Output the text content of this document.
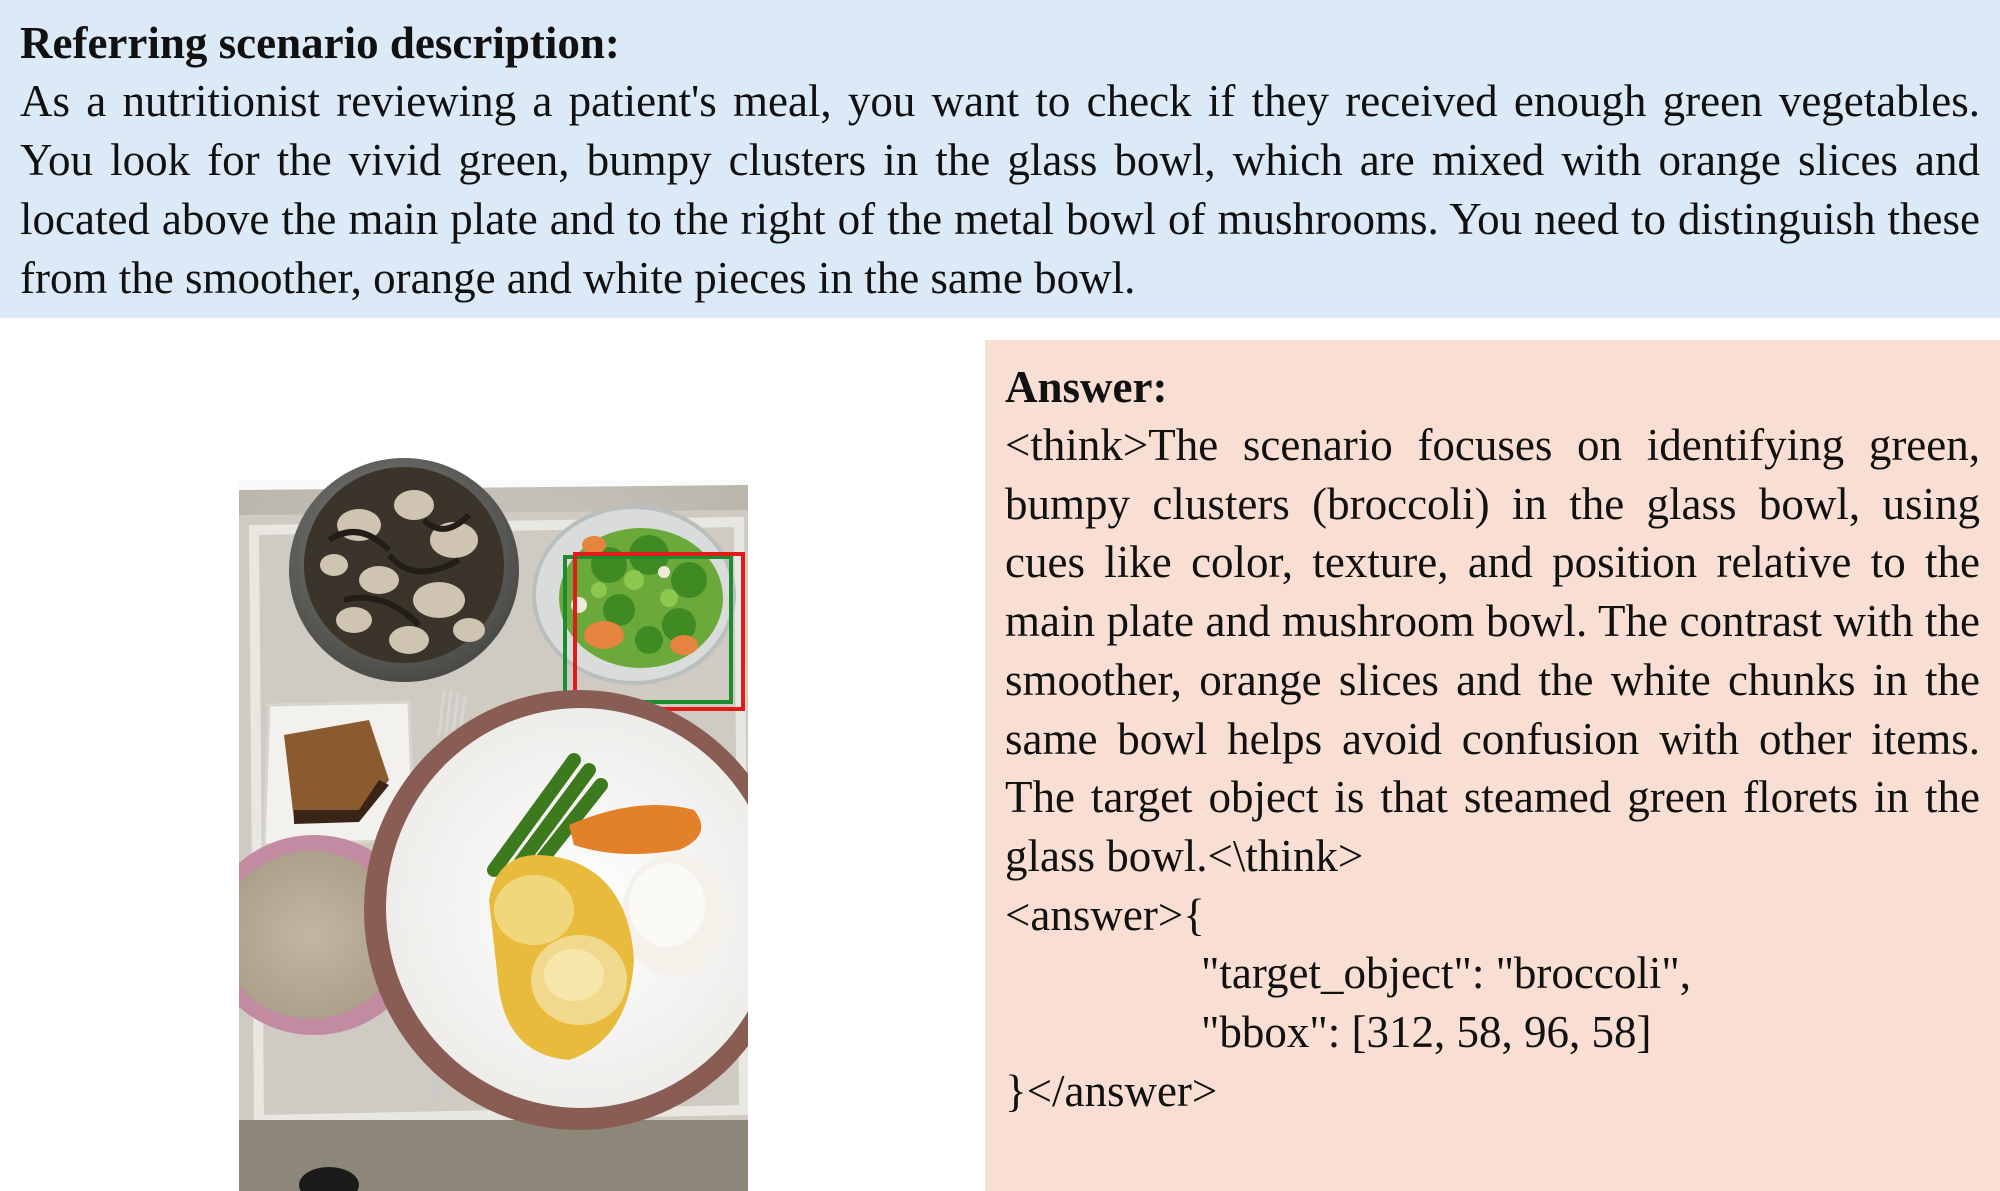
Referring scenario description:

As a nutritionist reviewing a patient's meal, you want to check if they received enough green vegetables. You look for the vivid green, bumpy clusters in the glass bowl, which are mixed with orange slices and located above the main plate and to the right of the metal bowl of mushrooms. You need to distinguish these from the smoother, orange and white pieces in the same bowl.

Answer:

<think>The scenario focuses on identifying green, bumpy clusters (broccoli) in the glass bowl, using cues like color, texture, and position relative to the main plate and mushroom bowl. The contrast with the smoother, orange slices and the white chunks in the same bowl helps avoid confusion with other items. The target object is that steamed green florets in the glass bowl.<\think>

<answer>{

"target_object": "broccoli",

"bbox": [312, 58, 96, 58]

}</answer>
